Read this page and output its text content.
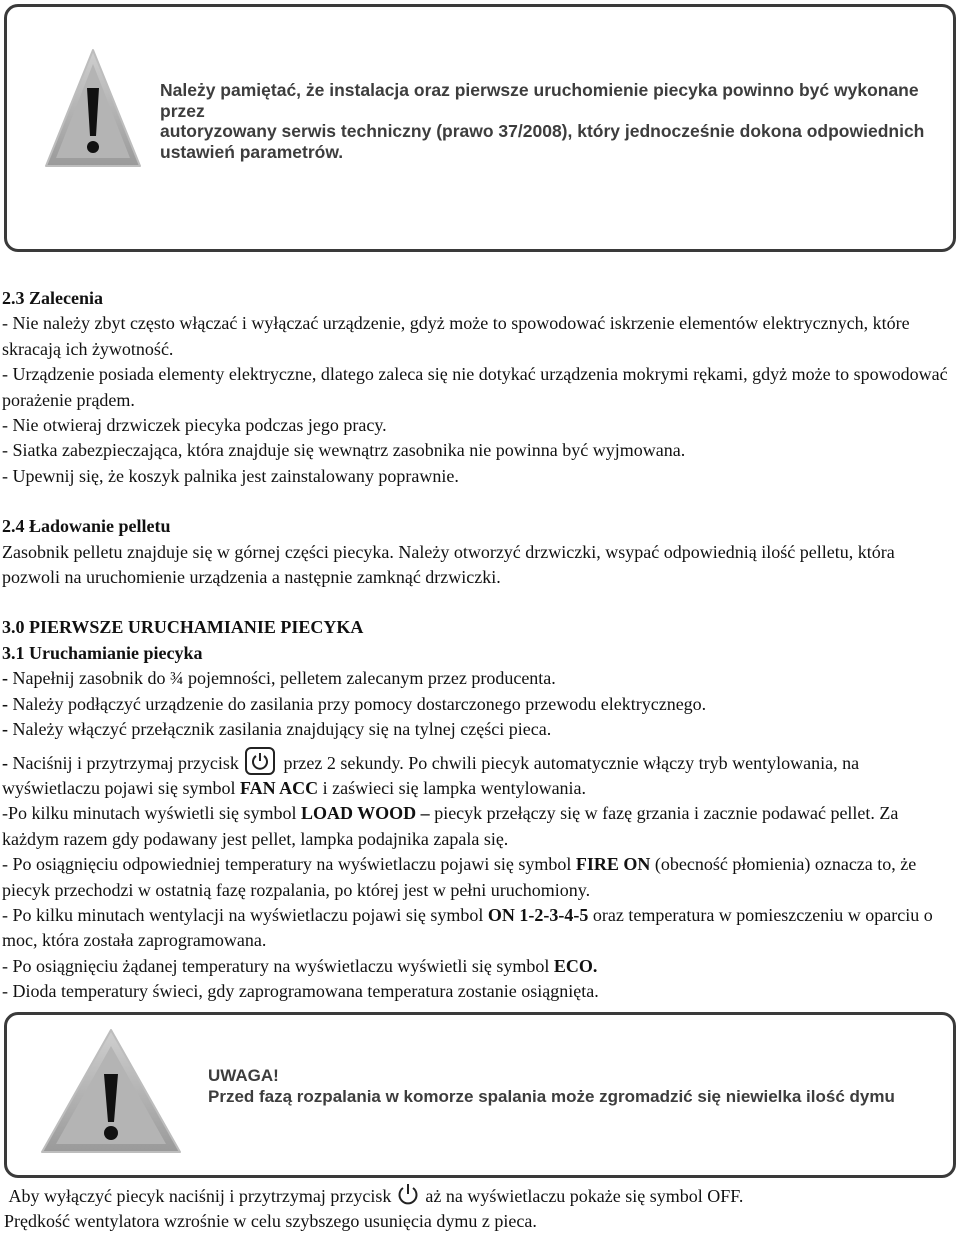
Należy pamiętać, że instalacja oraz pierwsze uruchomienie piecyka powinno być wykonane przez
autoryzowany serwis techniczny (prawo 37/2008), który jednocześnie dokona odpowiednich
ustawień parametrów.

2.3 Zalecenia

- Nie należy zbyt często włączać i wyłączać urządzenie, gdyż może to spowodować iskrzenie elementów elektrycznych, które skracają ich żywotność.

- Urządzenie posiada elementy elektryczne, dlatego zaleca się nie dotykać urządzenia mokrymi rękami, gdyż może to spowodować porażenie prądem.

- Nie otwieraj drzwiczek piecyka podczas jego pracy.

- Siatka zabezpieczająca, która znajduje się wewnątrz zasobnika nie powinna być wyjmowana.

- Upewnij się, że koszyk palnika jest zainstalowany poprawnie.

2.4 Ładowanie pelletu

Zasobnik pelletu znajduje się w górnej części piecyka. Należy otworzyć drzwiczki, wsypać odpowiednią ilość pelletu, która pozwoli na uruchomienie urządzenia a następnie zamknąć drzwiczki.

3.0 PIERWSZE URUCHAMIANIE PIECYKA

3.1 Uruchamianie piecyka

- Napełnij zasobnik do ¾ pojemności, pelletem zalecanym przez producenta.

- Należy podłączyć urządzenie do zasilania przy pomocy dostarczonego przewodu elektrycznego.

- Należy włączyć przełącznik zasilania znajdujący się na tylnej części pieca.

- Naciśnij i przytrzymaj przycisk przez 2 sekundy. Po chwili piecyk automatycznie włączy tryb wentylowania, na wyświetlaczu pojawi się symbol FAN ACC i zaświeci się lampka wentylowania.

-Po kilku minutach wyświetli się symbol LOAD WOOD – piecyk przełączy się w fazę grzania i zacznie podawać pellet. Za każdym razem gdy podawany jest pellet, lampka podajnika zapala się.

- Po osiągnięciu odpowiedniej temperatury na wyświetlaczu pojawi się symbol FIRE ON (obecność płomienia) oznacza to, że piecyk przechodzi w ostatnią fazę rozpalania, po której jest w pełni uruchomiony.

- Po kilku minutach wentylacji na wyświetlaczu pojawi się symbol ON 1-2-3-4-5 oraz temperatura w pomieszczeniu w oparciu o moc, która została zaprogramowana.

- Po osiągnięciu żądanej temperatury na wyświetlaczu wyświetli się symbol ECO.

- Dioda temperatury świeci, gdy zaprogramowana temperatura zostanie osiągnięta.

UWAGA!
Przed fazą rozpalania w komorze spalania może zgromadzić się niewielka ilość dymu

Aby wyłączyć piecyk naciśnij i przytrzymaj przycisk aż na wyświetlaczu pokaże się symbol OFF.

Prędkość wentylatora wzrośnie w celu szybszego usunięcia dymu z pieca.
